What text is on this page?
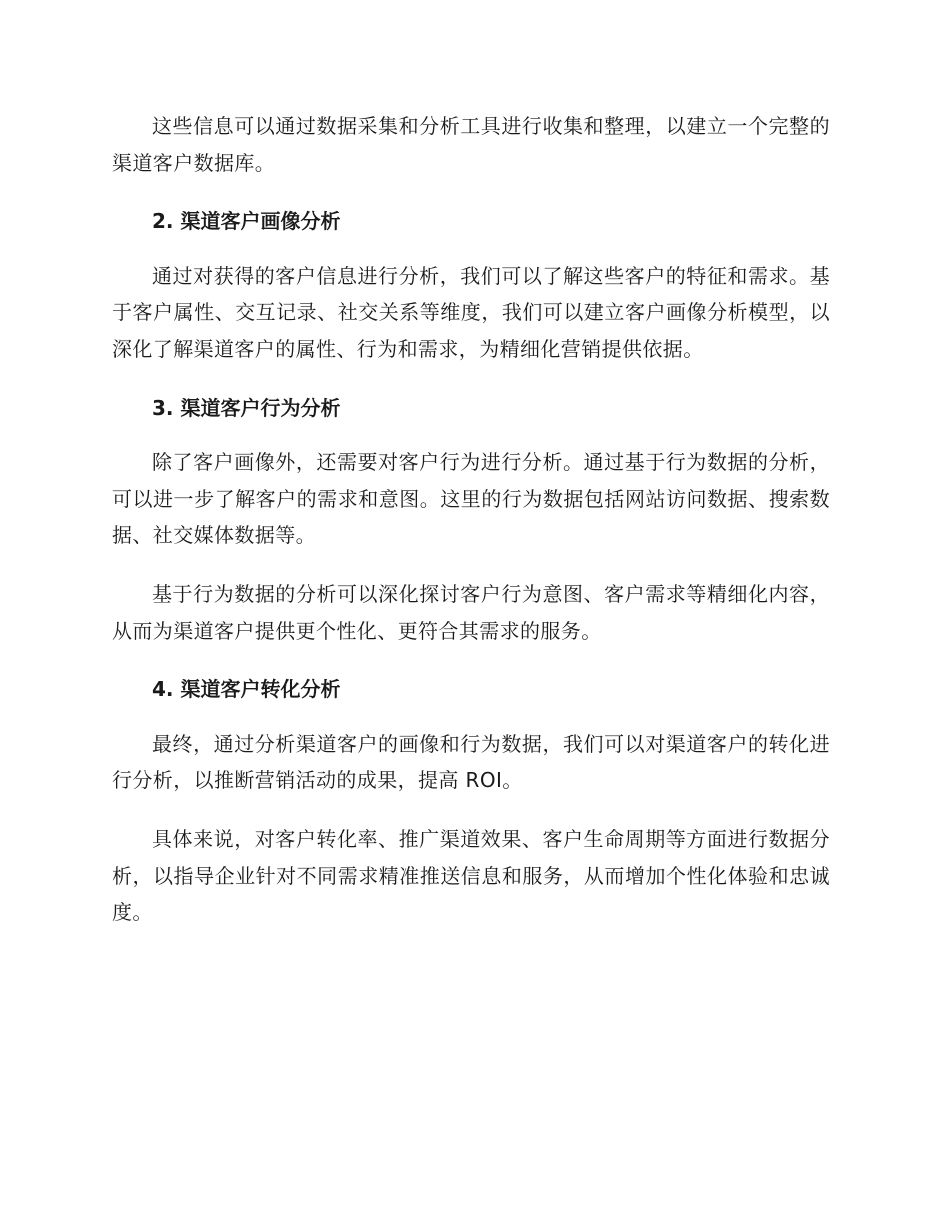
这些信息可以通过数据采集和分析工具进行收集和整理，以建立一个完整的渠道客户数据库。

2. 渠道客户画像分析

通过对获得的客户信息进行分析，我们可以了解这些客户的特征和需求。基于客户属性、交互记录、社交关系等维度，我们可以建立客户画像分析模型，以深化了解渠道客户的属性、行为和需求，为精细化营销提供依据。

3. 渠道客户行为分析

除了客户画像外，还需要对客户行为进行分析。通过基于行为数据的分析，可以进一步了解客户的需求和意图。这里的行为数据包括网站访问数据、搜索数据、社交媒体数据等。

基于行为数据的分析可以深化探讨客户行为意图、客户需求等精细化内容，从而为渠道客户提供更个性化、更符合其需求的服务。

4. 渠道客户转化分析

最终，通过分析渠道客户的画像和行为数据，我们可以对渠道客户的转化进行分析，以推断营销活动的成果，提高 ROI。

具体来说，对客户转化率、推广渠道效果、客户生命周期等方面进行数据分析，以指导企业针对不同需求精准推送信息和服务，从而增加个性化体验和忠诚度。
